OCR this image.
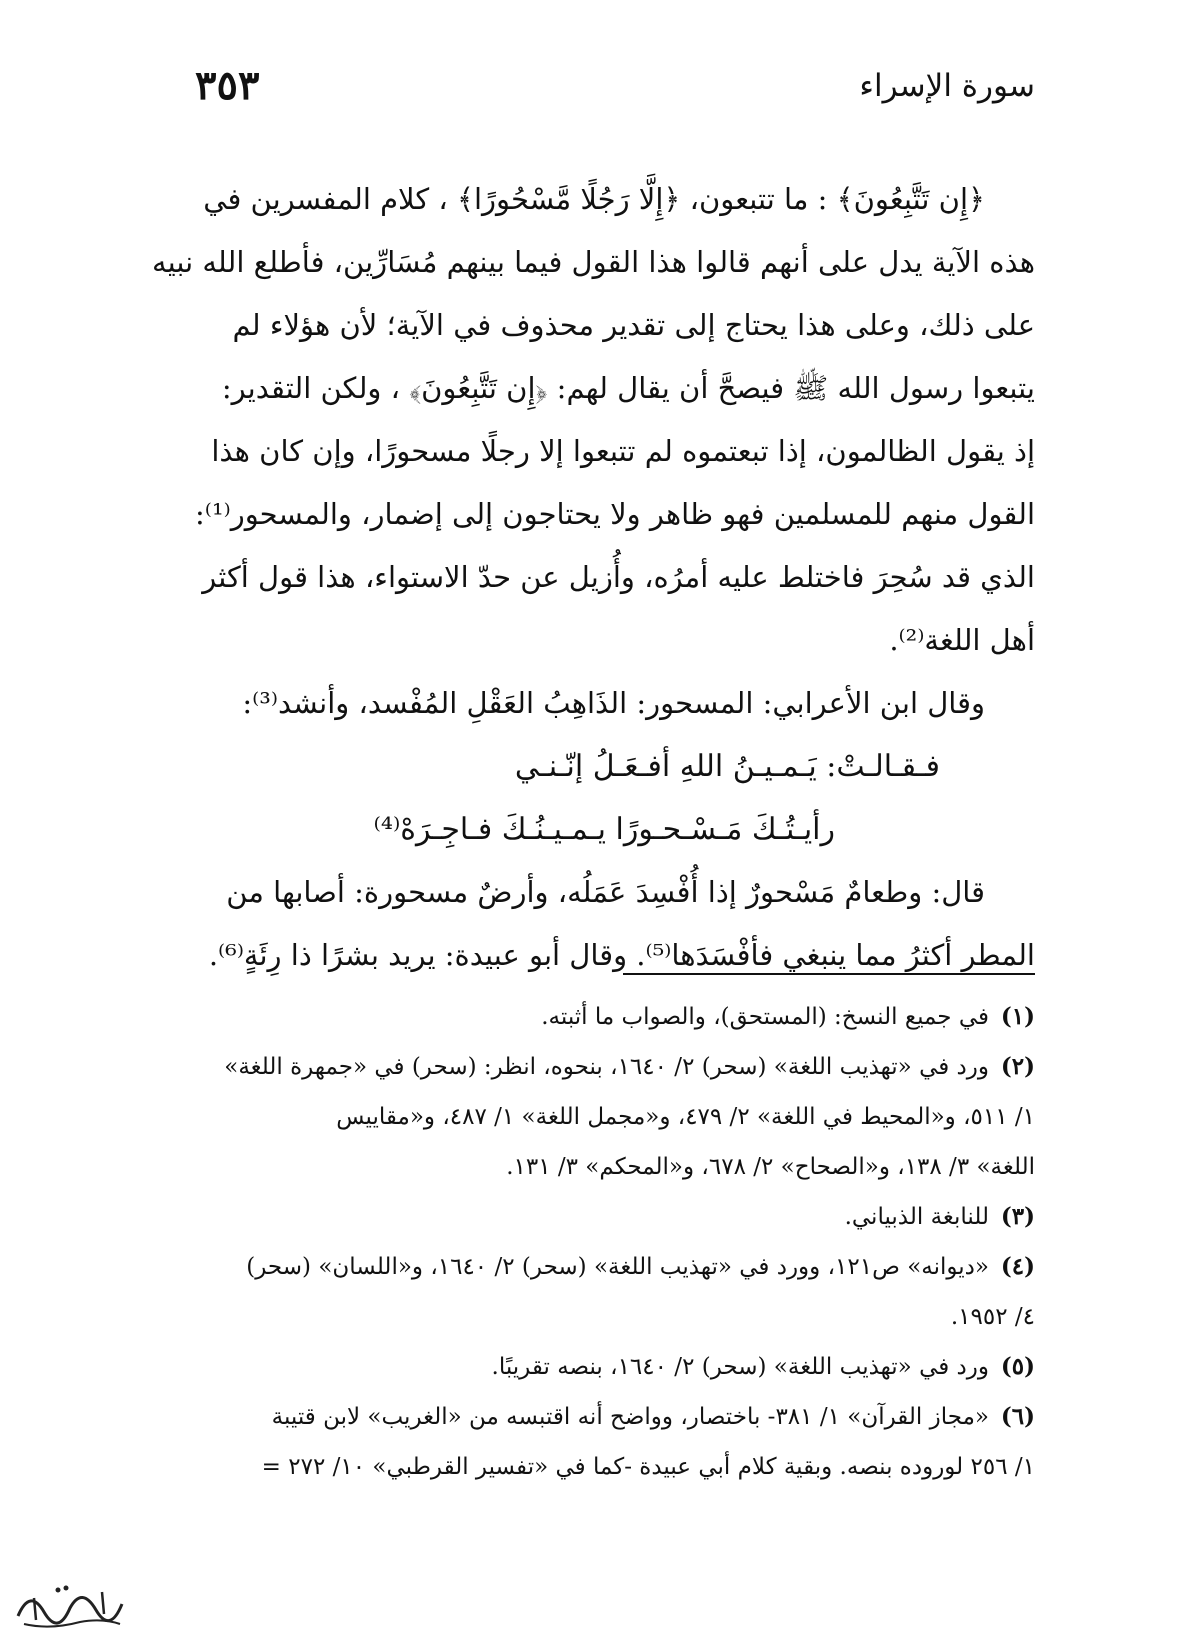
سورة الإسراء
٣٥٣
﴿إِن تَتَّبِعُونَ﴾ : ما تتبعون، ﴿إِلَّا رَجُلًا مَّسْحُورًا﴾ ، كلام المفسرين في
هذه الآية يدل على أنهم قالوا هذا القول فيما بينهم مُسَارِّين، فأطلع الله نبيه
على ذلك، وعلى هذا يحتاج إلى تقدير محذوف في الآية؛ لأن هؤلاء لم
يتبعوا رسول الله ﷺ فيصحَّ أن يقال لهم: ﴿إِن تَتَّبِعُونَ﴾ ، ولكن التقدير:
إذ يقول الظالمون، إذا تبعتموه لم تتبعوا إلا رجلًا مسحورًا، وإن كان هذا
القول منهم للمسلمين فهو ظاهر ولا يحتاجون إلى إضمار، والمسحور⁽¹⁾:
الذي قد سُحِرَ فاختلط عليه أمرُه، وأُزيل عن حدّ الاستواء، هذا قول أكثر
أهل اللغة⁽²⁾.
وقال ابن الأعرابي: المسحور: الذَاهِبُ العَقْلِ المُفْسد، وأنشد⁽³⁾:
فـقـالـتْ: يَـمـيـنُ اللهِ أفـعَـلُ إنّـنـي
رأيـتُـكَ مَـسْـحـورًا يـمـيـنُـكَ فـاجِـرَهْ⁽⁴⁾
قال: وطعامٌ مَسْحورٌ إذا أُفْسِدَ عَمَلُه، وأرضٌ مسحورة: أصابها من
المطر أكثرُ مما ينبغي فأفْسَدَها⁽⁵⁾. وقال أبو عبيدة: يريد بشرًا ذا رِئَةٍ⁽⁶⁾.
(١)في جميع النسخ: (المستحق)، والصواب ما أثبته.
(٢)ورد في «تهذيب اللغة» (سحر) ٢/ ١٦٤٠، بنحوه، انظر: (سحر) في «جمهرة اللغة»
١/ ٥١١، و«المحيط في اللغة» ٢/ ٤٧٩، و«مجمل اللغة» ١/ ٤٨٧، و«مقاييس
اللغة» ٣/ ١٣٨، و«الصحاح» ٢/ ٦٧٨، و«المحكم» ٣/ ١٣١.
(٣)للنابغة الذبياني.
(٤)«ديوانه» ص١٢١، وورد في «تهذيب اللغة» (سحر) ٢/ ١٦٤٠، و«اللسان» (سحر)
٤/ ١٩٥٢.
(٥)ورد في «تهذيب اللغة» (سحر) ٢/ ١٦٤٠، بنصه تقريبًا.
(٦)«مجاز القرآن» ١/ ٣٨١- باختصار، وواضح أنه اقتبسه من «الغريب» لابن قتيبة
١/ ٢٥٦ لوروده بنصه. وبقية كلام أبي عبيدة -كما في «تفسير القرطبي» ١٠/ ٢٧٢ =
